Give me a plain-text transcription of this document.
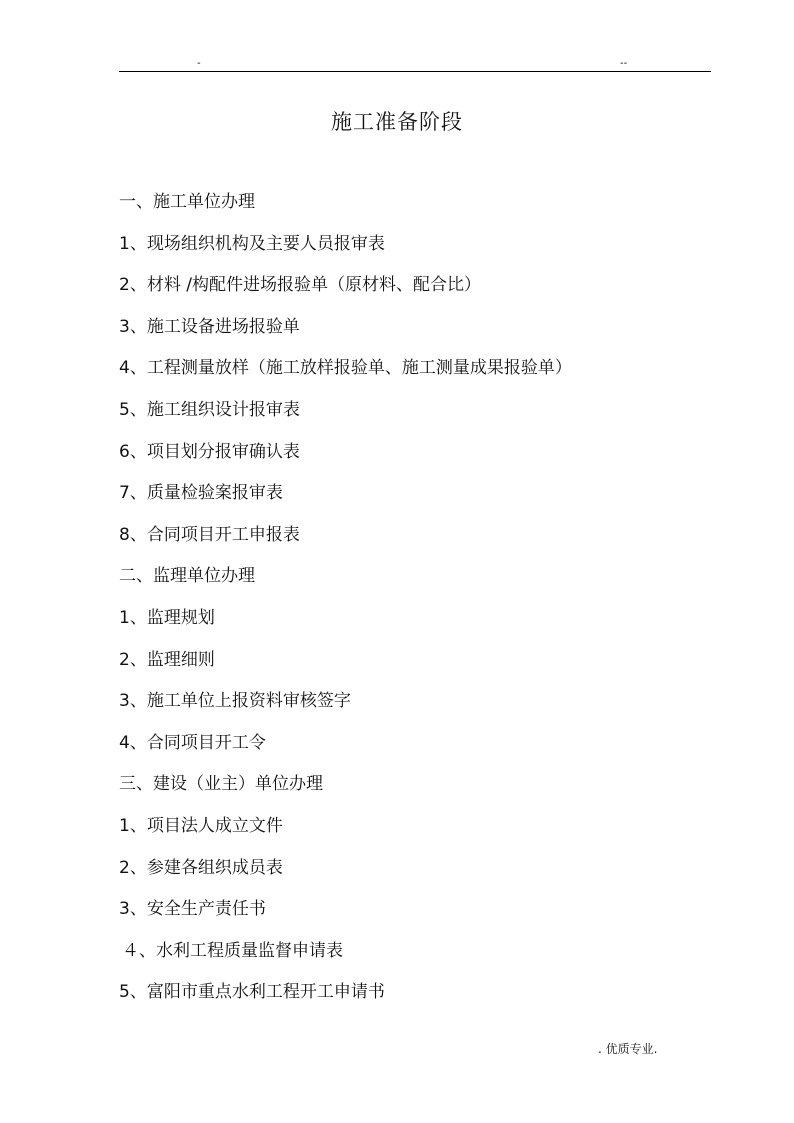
-	--
施工准备阶段
一、施工单位办理
1、现场组织机构及主要人员报审表
2、材料 /构配件进场报验单（原材料、配合比）
3、施工设备进场报验单
4、工程测量放样（施工放样报验单、施工测量成果报验单）
5、施工组织设计报审表
6、项目划分报审确认表
7、质量检验案报审表
8、合同项目开工申报表
二、监理单位办理
1、监理规划
2、监理细则
3、施工单位上报资料审核签字
4、合同项目开工令
三、建设（业主）单位办理
1、项目法人成立文件
2、参建各组织成员表
3、安全生产责任书
４、水利工程质量监督申请表
5、富阳市重点水利工程开工申请书
. 优质专业.
